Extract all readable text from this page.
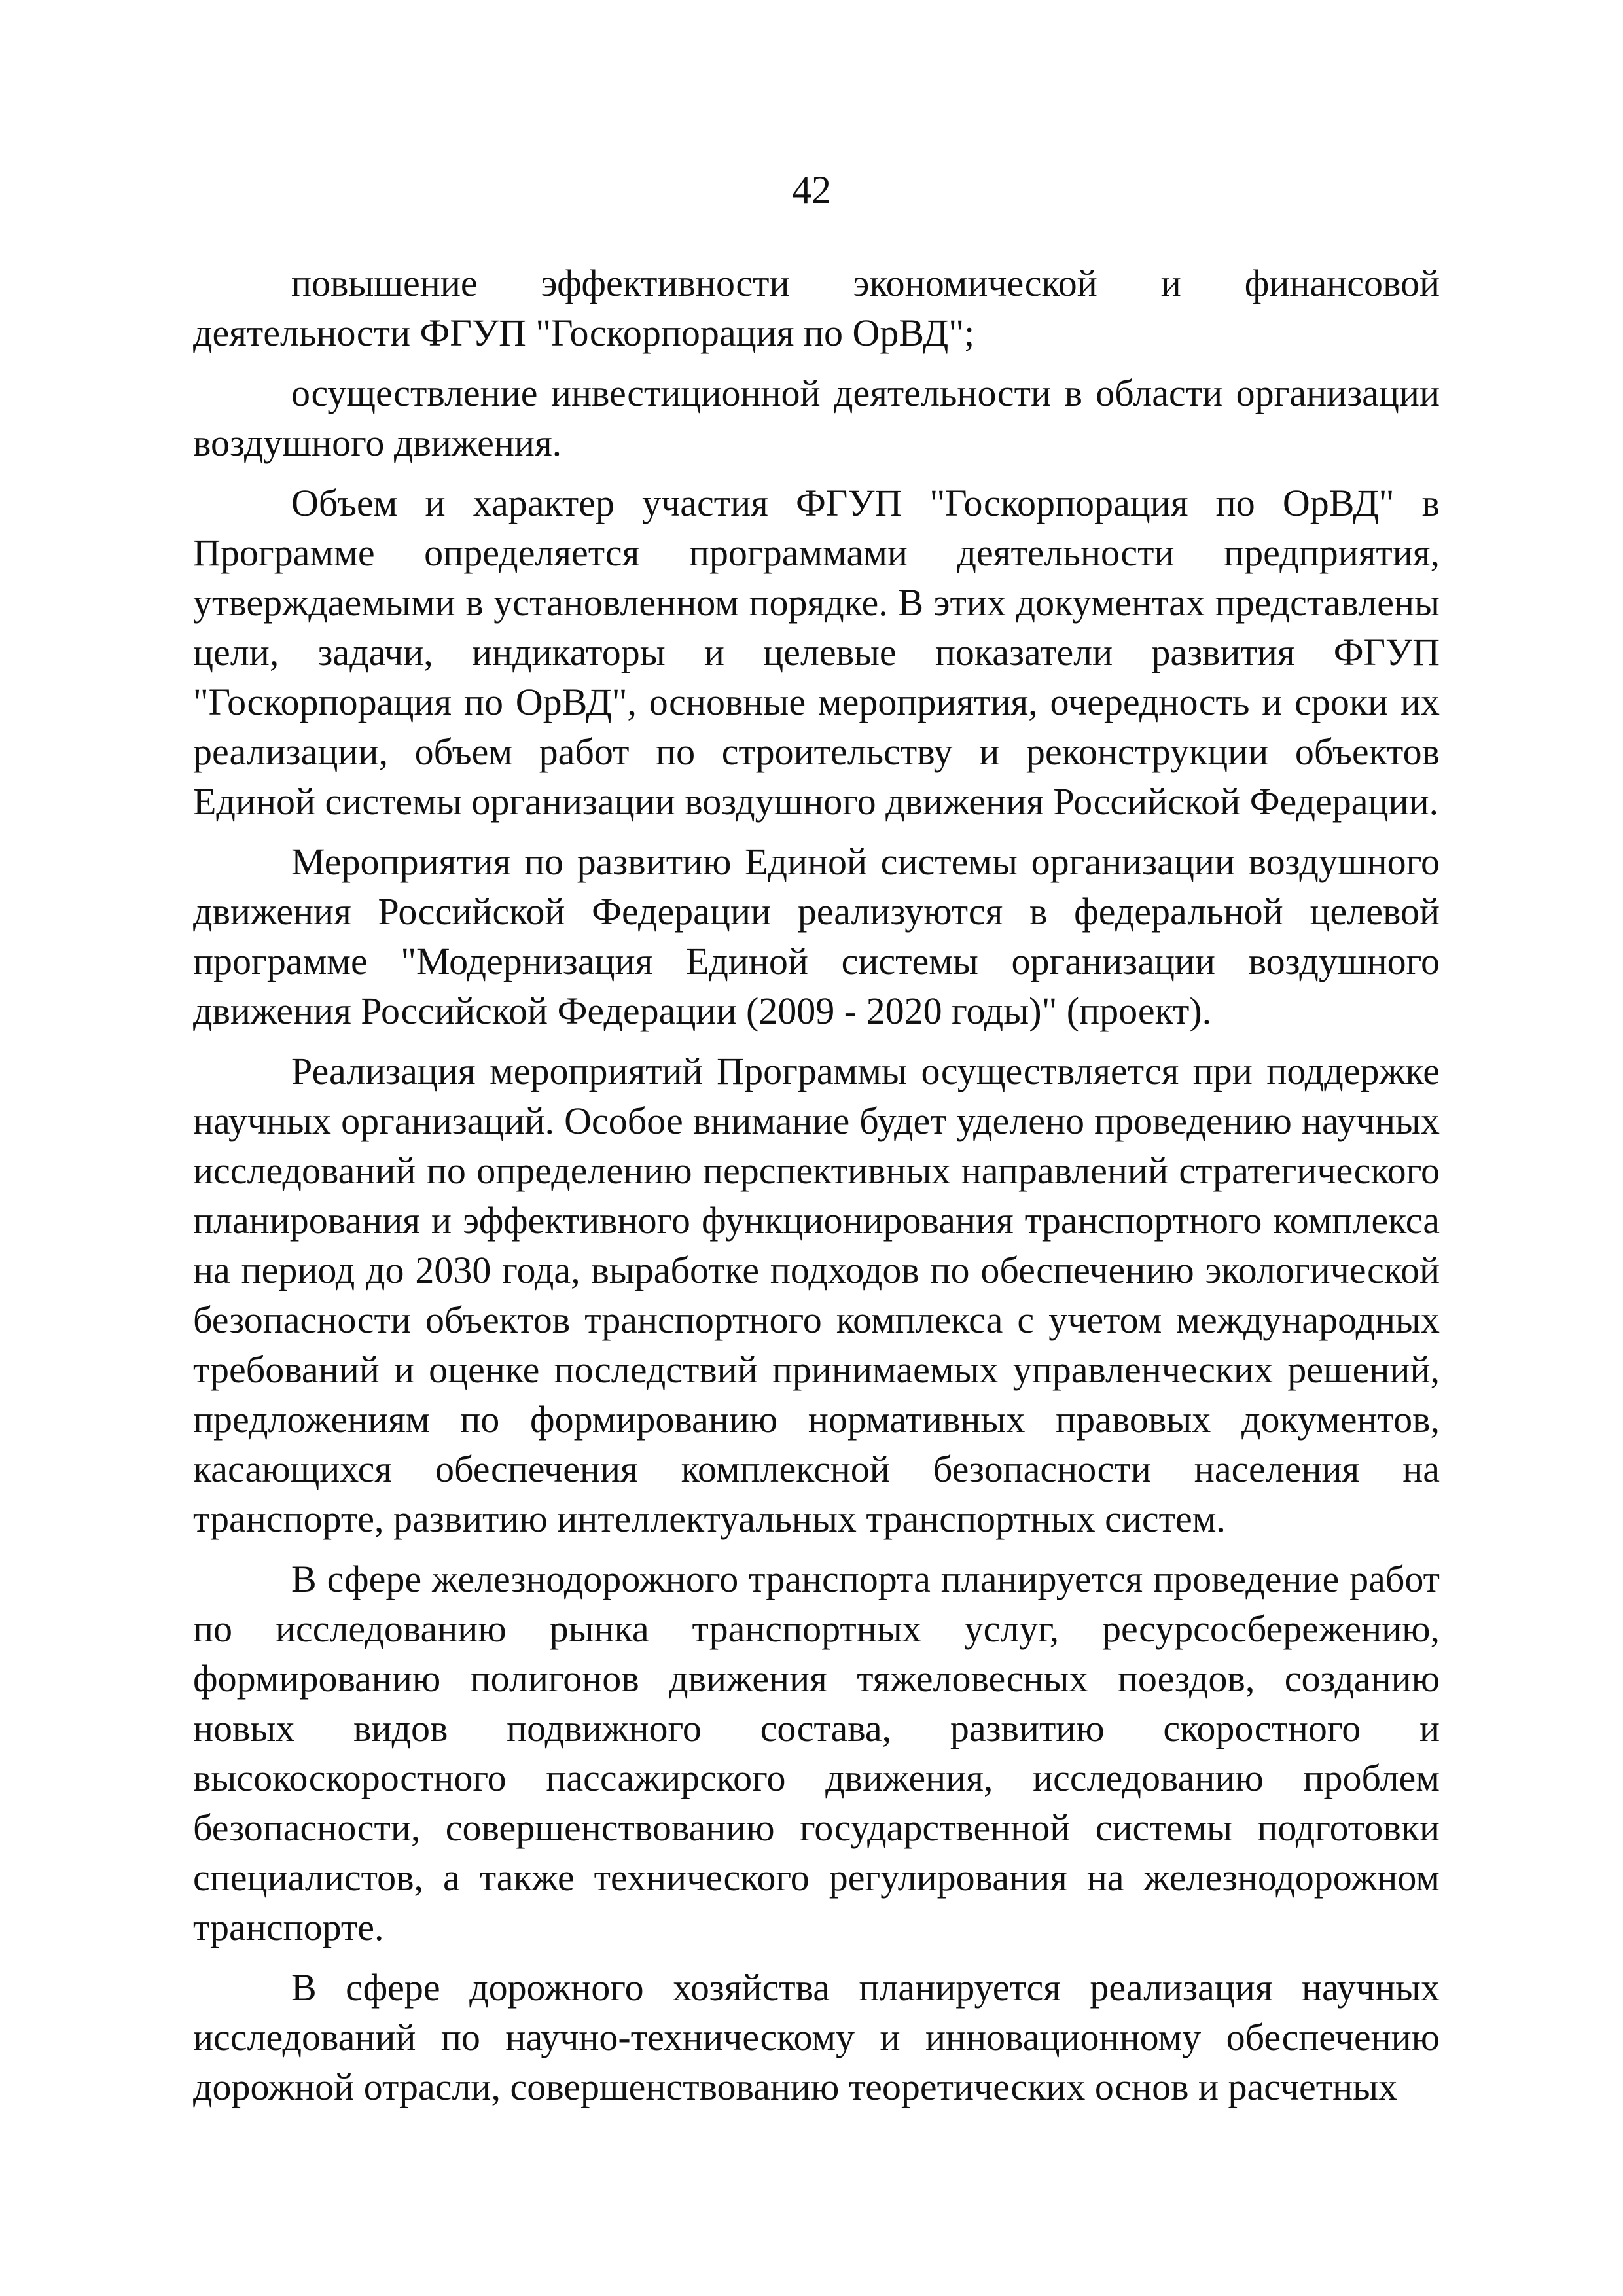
42

повышение эффективности экономической и финансовой деятельности ФГУП "Госкорпорация по ОрВД";

осуществление инвестиционной деятельности в области организации воздушного движения.

Объем и характер участия ФГУП "Госкорпорация по ОрВД" в Программе определяется программами деятельности предприятия, утверждаемыми в установленном порядке. В этих документах представлены цели, задачи, индикаторы и целевые показатели развития ФГУП "Госкорпорация по ОрВД", основные мероприятия, очередность и сроки их реализации, объем работ по строительству и реконструкции объектов Единой системы организации воздушного движения Российской Федерации.

Мероприятия по развитию Единой системы организации воздушного движения Российской Федерации реализуются в федеральной целевой программе "Модернизация Единой системы организации воздушного движения Российской Федерации (2009 - 2020 годы)" (проект).

Реализация мероприятий Программы осуществляется при поддержке научных организаций. Особое внимание будет уделено проведению научных исследований по определению перспективных направлений стратегического планирования и эффективного функционирования транспортного комплекса на период до 2030 года, выработке подходов по обеспечению экологической безопасности объектов транспортного комплекса с учетом международных требований и оценке последствий принимаемых управленческих решений, предложениям по формированию нормативных правовых документов, касающихся обеспечения комплексной безопасности населения на транспорте, развитию интеллектуальных транспортных систем.

В сфере железнодорожного транспорта планируется проведение работ по исследованию рынка транспортных услуг, ресурсосбережению, формированию полигонов движения тяжеловесных поездов, созданию новых видов подвижного состава, развитию скоростного и высокоскоростного пассажирского движения, исследованию проблем безопасности, совершенствованию государственной системы подготовки специалистов, а также технического регулирования на железнодорожном транспорте.

В сфере дорожного хозяйства планируется реализация научных исследований по научно-техническому и инновационному обеспечению дорожной отрасли, совершенствованию теоретических основ и расчетных
